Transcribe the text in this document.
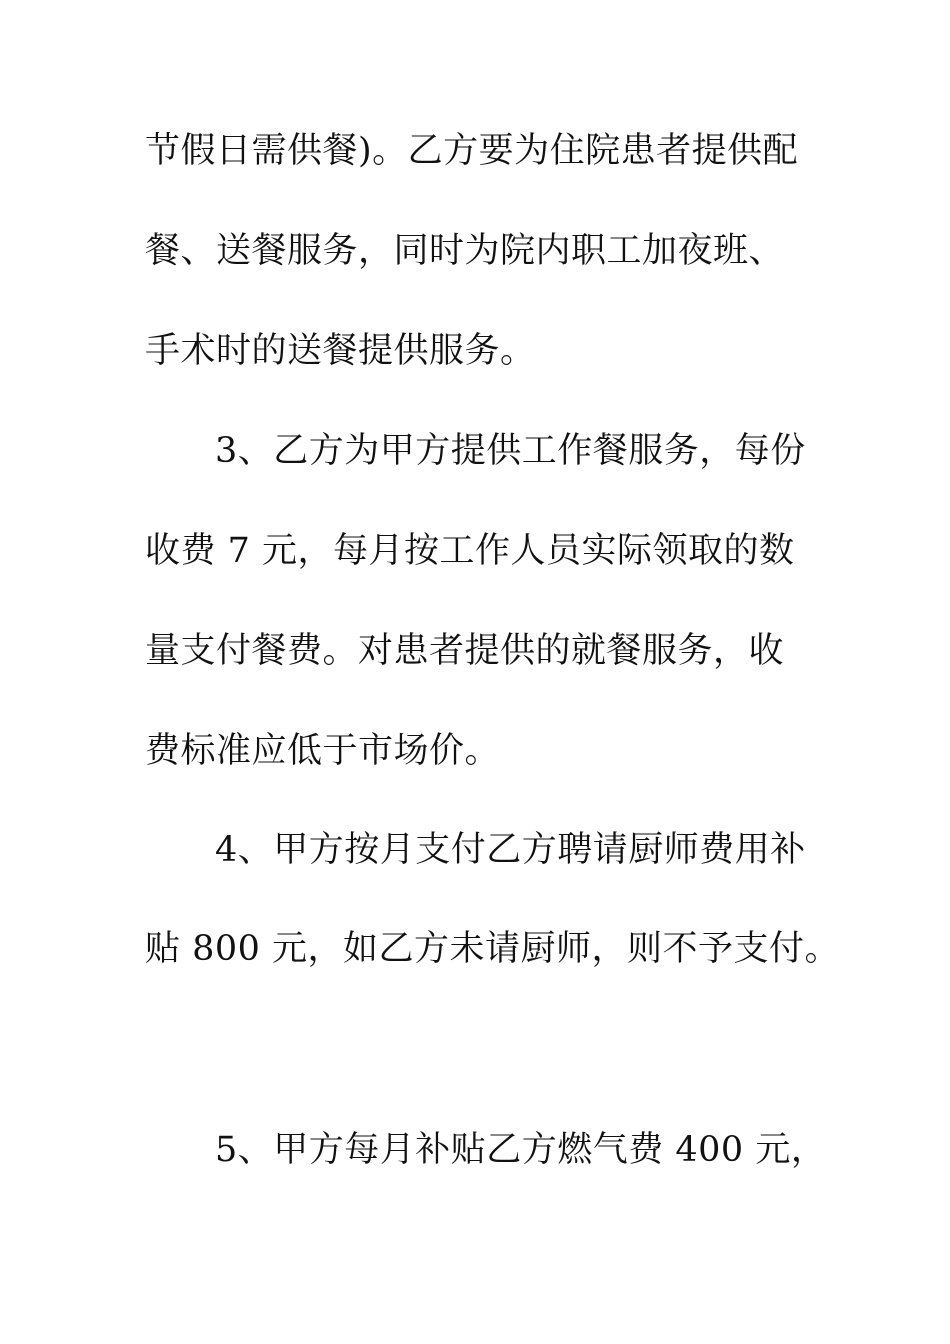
节假日需供餐)。乙方要为住院患者提供配
餐、送餐服务，同时为院内职工加夜班、
手术时的送餐提供服务。
3、乙方为甲方提供工作餐服务，每份
收费 7 元，每月按工作人员实际领取的数
量支付餐费。对患者提供的就餐服务，收
费标准应低于市场价。
4、甲方按月支付乙方聘请厨师费用补
贴 800 元，如乙方未请厨师，则不予支付。
5、甲方每月补贴乙方燃气费 400 元，
